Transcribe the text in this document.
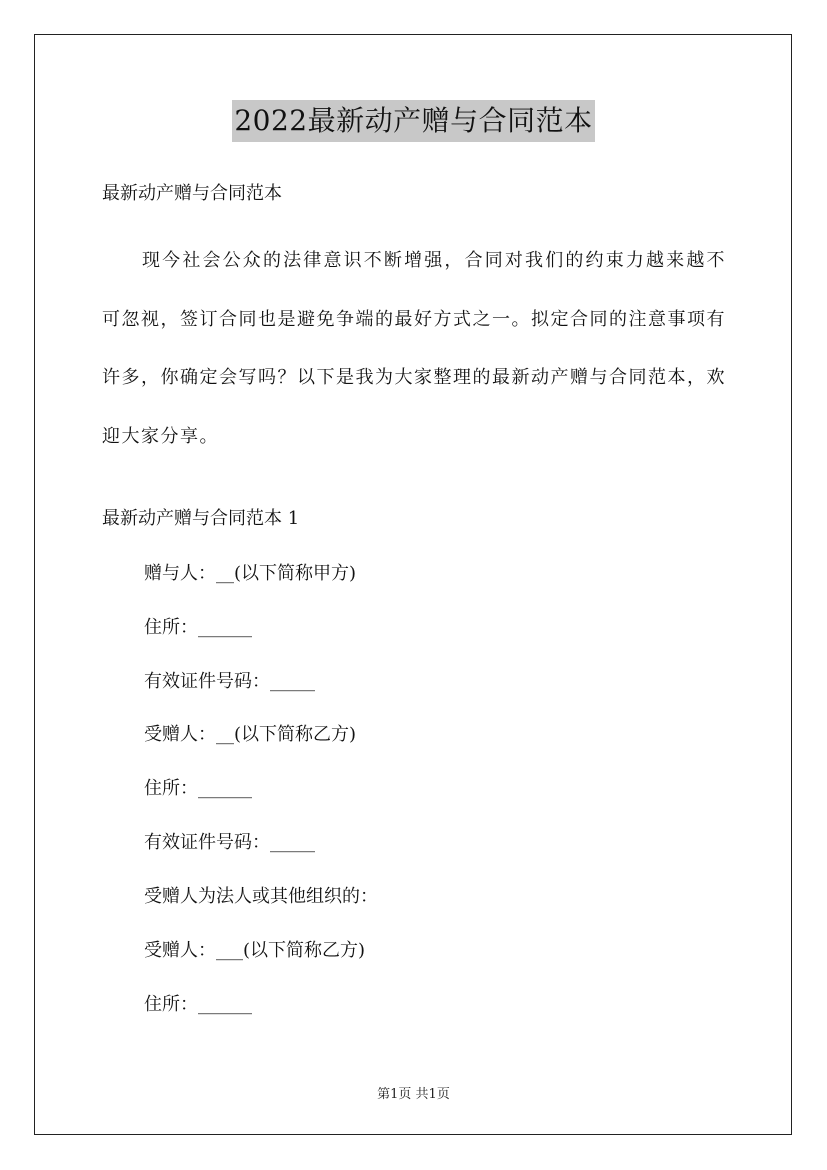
2022最新动产赠与合同范本
最新动产赠与合同范本
现今社会公众的法律意识不断增强，合同对我们的约束力越来越不可忽视，签订合同也是避免争端的最好方式之一。拟定合同的注意事项有许多，你确定会写吗？以下是我为大家整理的最新动产赠与合同范本，欢迎大家分享。
最新动产赠与合同范本 1
赠与人：__(以下简称甲方)
住所：______
有效证件号码：_____
受赠人：__(以下简称乙方)
住所：______
有效证件号码：_____
受赠人为法人或其他组织的：
受赠人：___(以下简称乙方)
住所：______
第1页 共1页
